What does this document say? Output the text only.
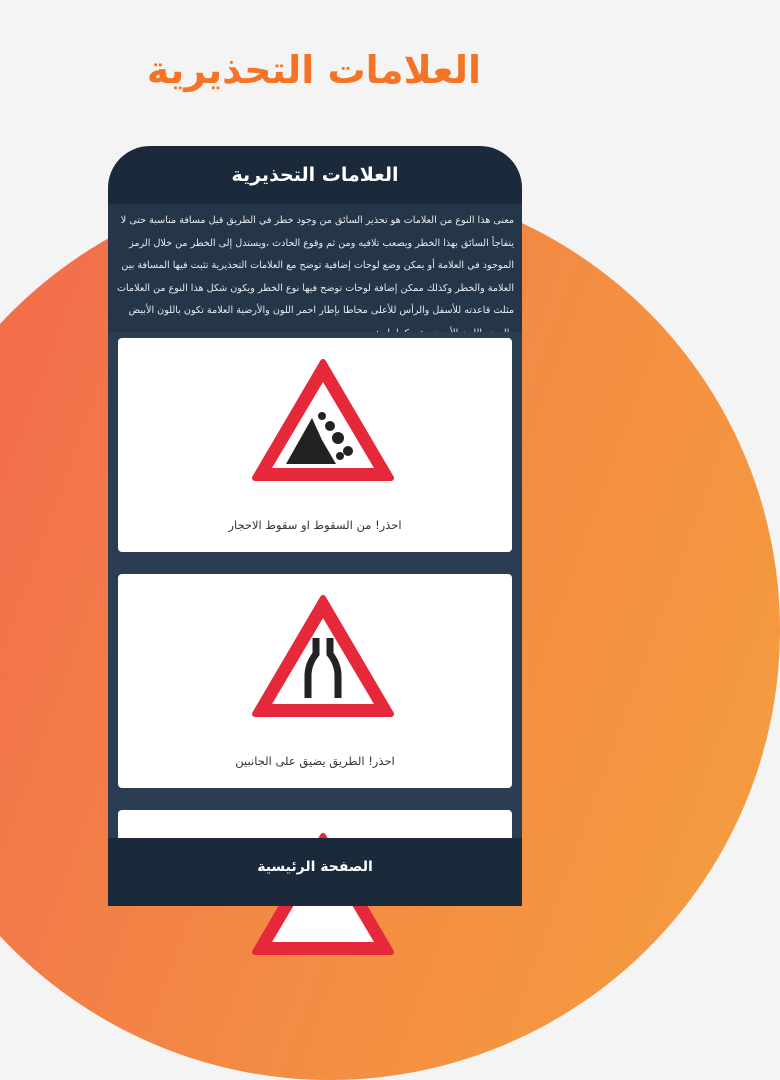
العلامات التحذيرية
العلامات التحذيرية
معنى هذا النوع من العلامات هو تحذير السائق من وجود خطر في الطريق قبل مسافة مناسبة حتى لا يتفاجأ السائق بهذا الخطر ويصعب تلافيه ومن ثم وقوع الحادث ،ويستدل إلى الخطر من خلال الرمز الموجود في العلامة أو يمكن وضع لوحات إضافية توضح مع العلامات التحذيرية تثبت فيها المسافة بين العلامة والخطر وكذلك ممكن إضافة لوحات توضح فيها نوع الخطر ويكون شكل هذا النوع من العلامات مثلث قاعدته للأسفل والرأس للأعلى محاطا بإطار احمر اللون والأرضية العلامة تكون باللون الأبيض
احذر! من السقوط او سقوط الاحجار
احذر! الطريق يضيق على الجانبين
الصفحة الرئيسية
